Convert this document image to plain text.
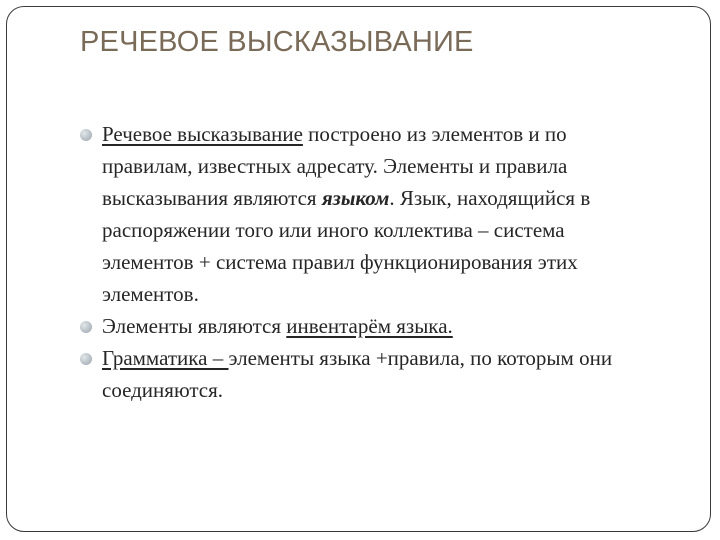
РЕЧЕВОЕ ВЫСКАЗЫВАНИЕ
Речевое высказывание построено из элементов и по правилам, известных адресату. Элементы и правила высказывания являются языком. Язык, находящийся в распоряжении того или иного коллектива – система элементов + система правил функционирования этих элементов.
Элементы являются инвентарём языка.
Грамматика – элементы языка +правила, по которым они соединяются.
